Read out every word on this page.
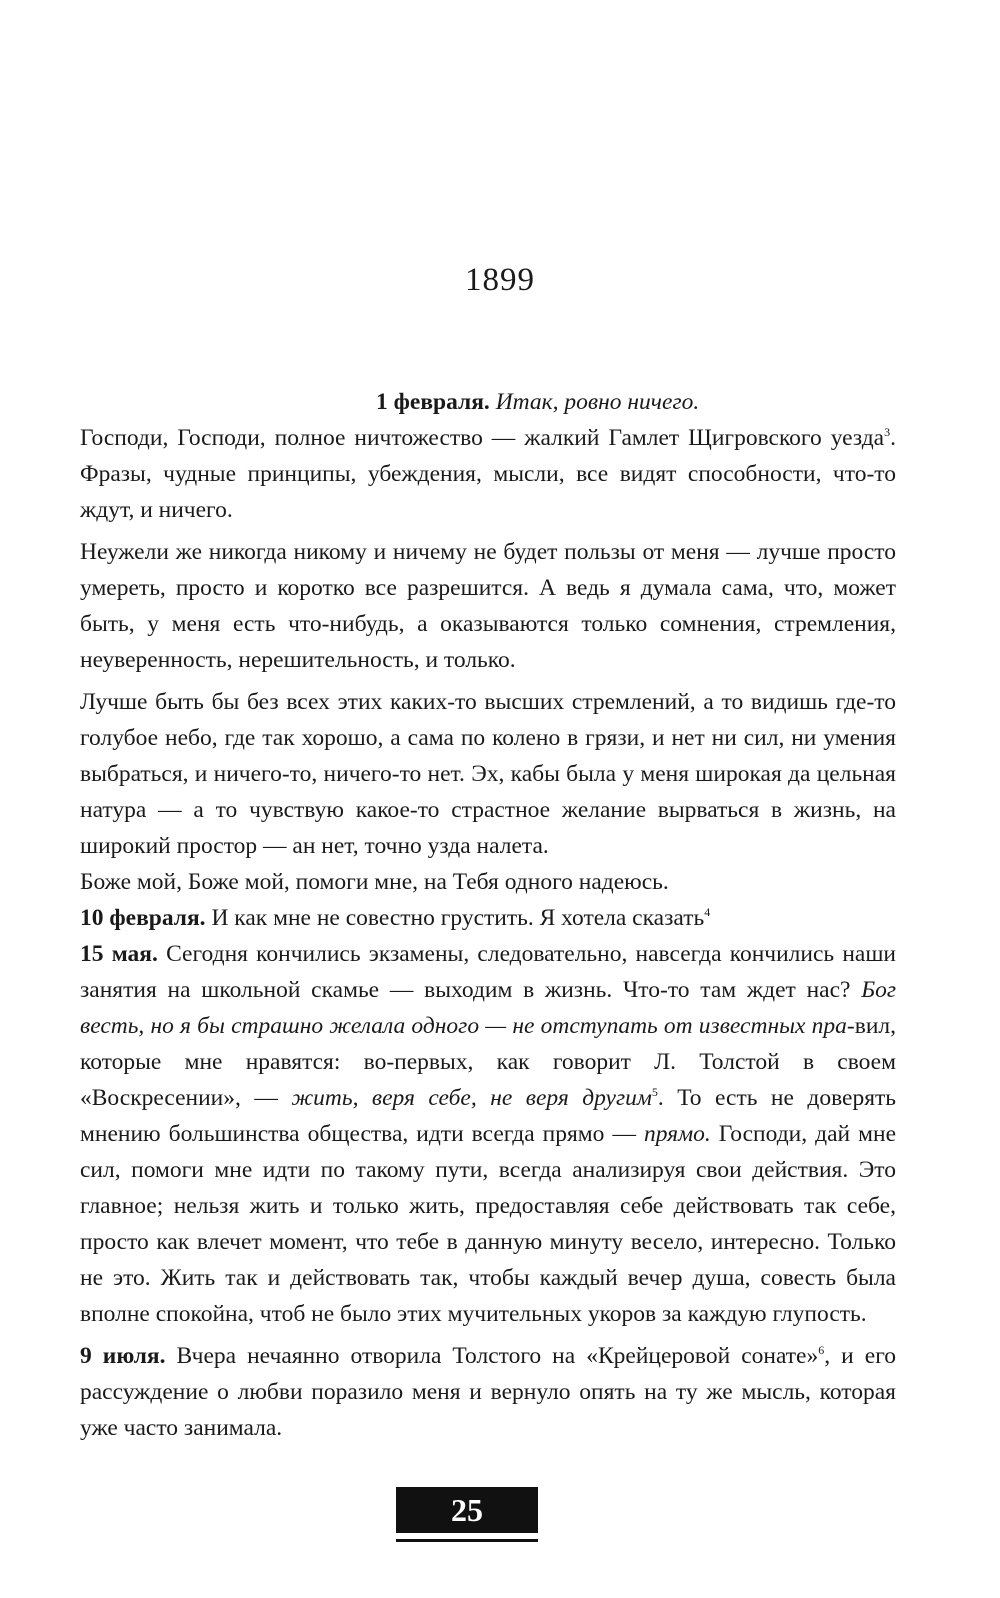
1899

1 февраля. Итак, ровно ничего.

Господи, Господи, полное ничтожество — жалкий Гамлет Щигровского уезда$^3$. Фразы, чудные принципы, убеждения, мысли, все видят способности, что-то ждут, и ничего.

Неужели же никогда никому и ничему не будет пользы от меня — лучше просто умереть, просто и коротко все разрешится. А ведь я думала сама, что, может быть, у меня есть что-нибудь, а оказываются только сомнения, стремления, неуверенность, нерешительность, и только.

Лучше быть бы без всех этих каких-то высших стремлений, а то видишь где-то голубое небо, где так хорошо, а сама по колено в грязи, и нет ни сил, ни умения выбраться, и ничего-то, ничего-то нет. Эх, кабы была у меня широкая да цельная натура — а то чувствую какое-то страстное желание вырваться в жизнь, на широкий простор — ан нет, точно узда налета.

Боже мой, Боже мой, помоги мне, на Тебя одного надеюсь.

10 февраля. И как мне не совестно грустить. Я хотела сказать$^4$

15 мая. Сегодня кончились экзамены, следовательно, навсегда кончились наши занятия на школьной скамье — выходим в жизнь. Что-то там ждет нас? Бог весть, но я бы страшно желала одного — не отступать от известных пра-вил, которые мне нравятся: во-первых, как говорит Л. Толстой в своем «Воскресении», — жить, веря себе, не веря другим$^5$. То есть не доверять мнению большинства общества, идти всегда прямо — прямо. Господи, дай мне сил, помоги мне идти по такому пути, всегда анализируя свои действия. Это главное; нельзя жить и только жить, предоставляя себе действовать так себе, просто как влечет момент, что тебе в данную минуту весело, интересно. Только не это. Жить так и действовать так, чтобы каждый вечер душа, совесть была вполне спокойна, чтоб не было этих мучительных укоров за каждую глупость.

9 июля. Вчера нечаянно отворила Толстого на «Крейцеровой сонате»$^6$, и его рассуждение о любви поразило меня и вернуло опять на ту же мысль, которая уже часто занимала.

25
